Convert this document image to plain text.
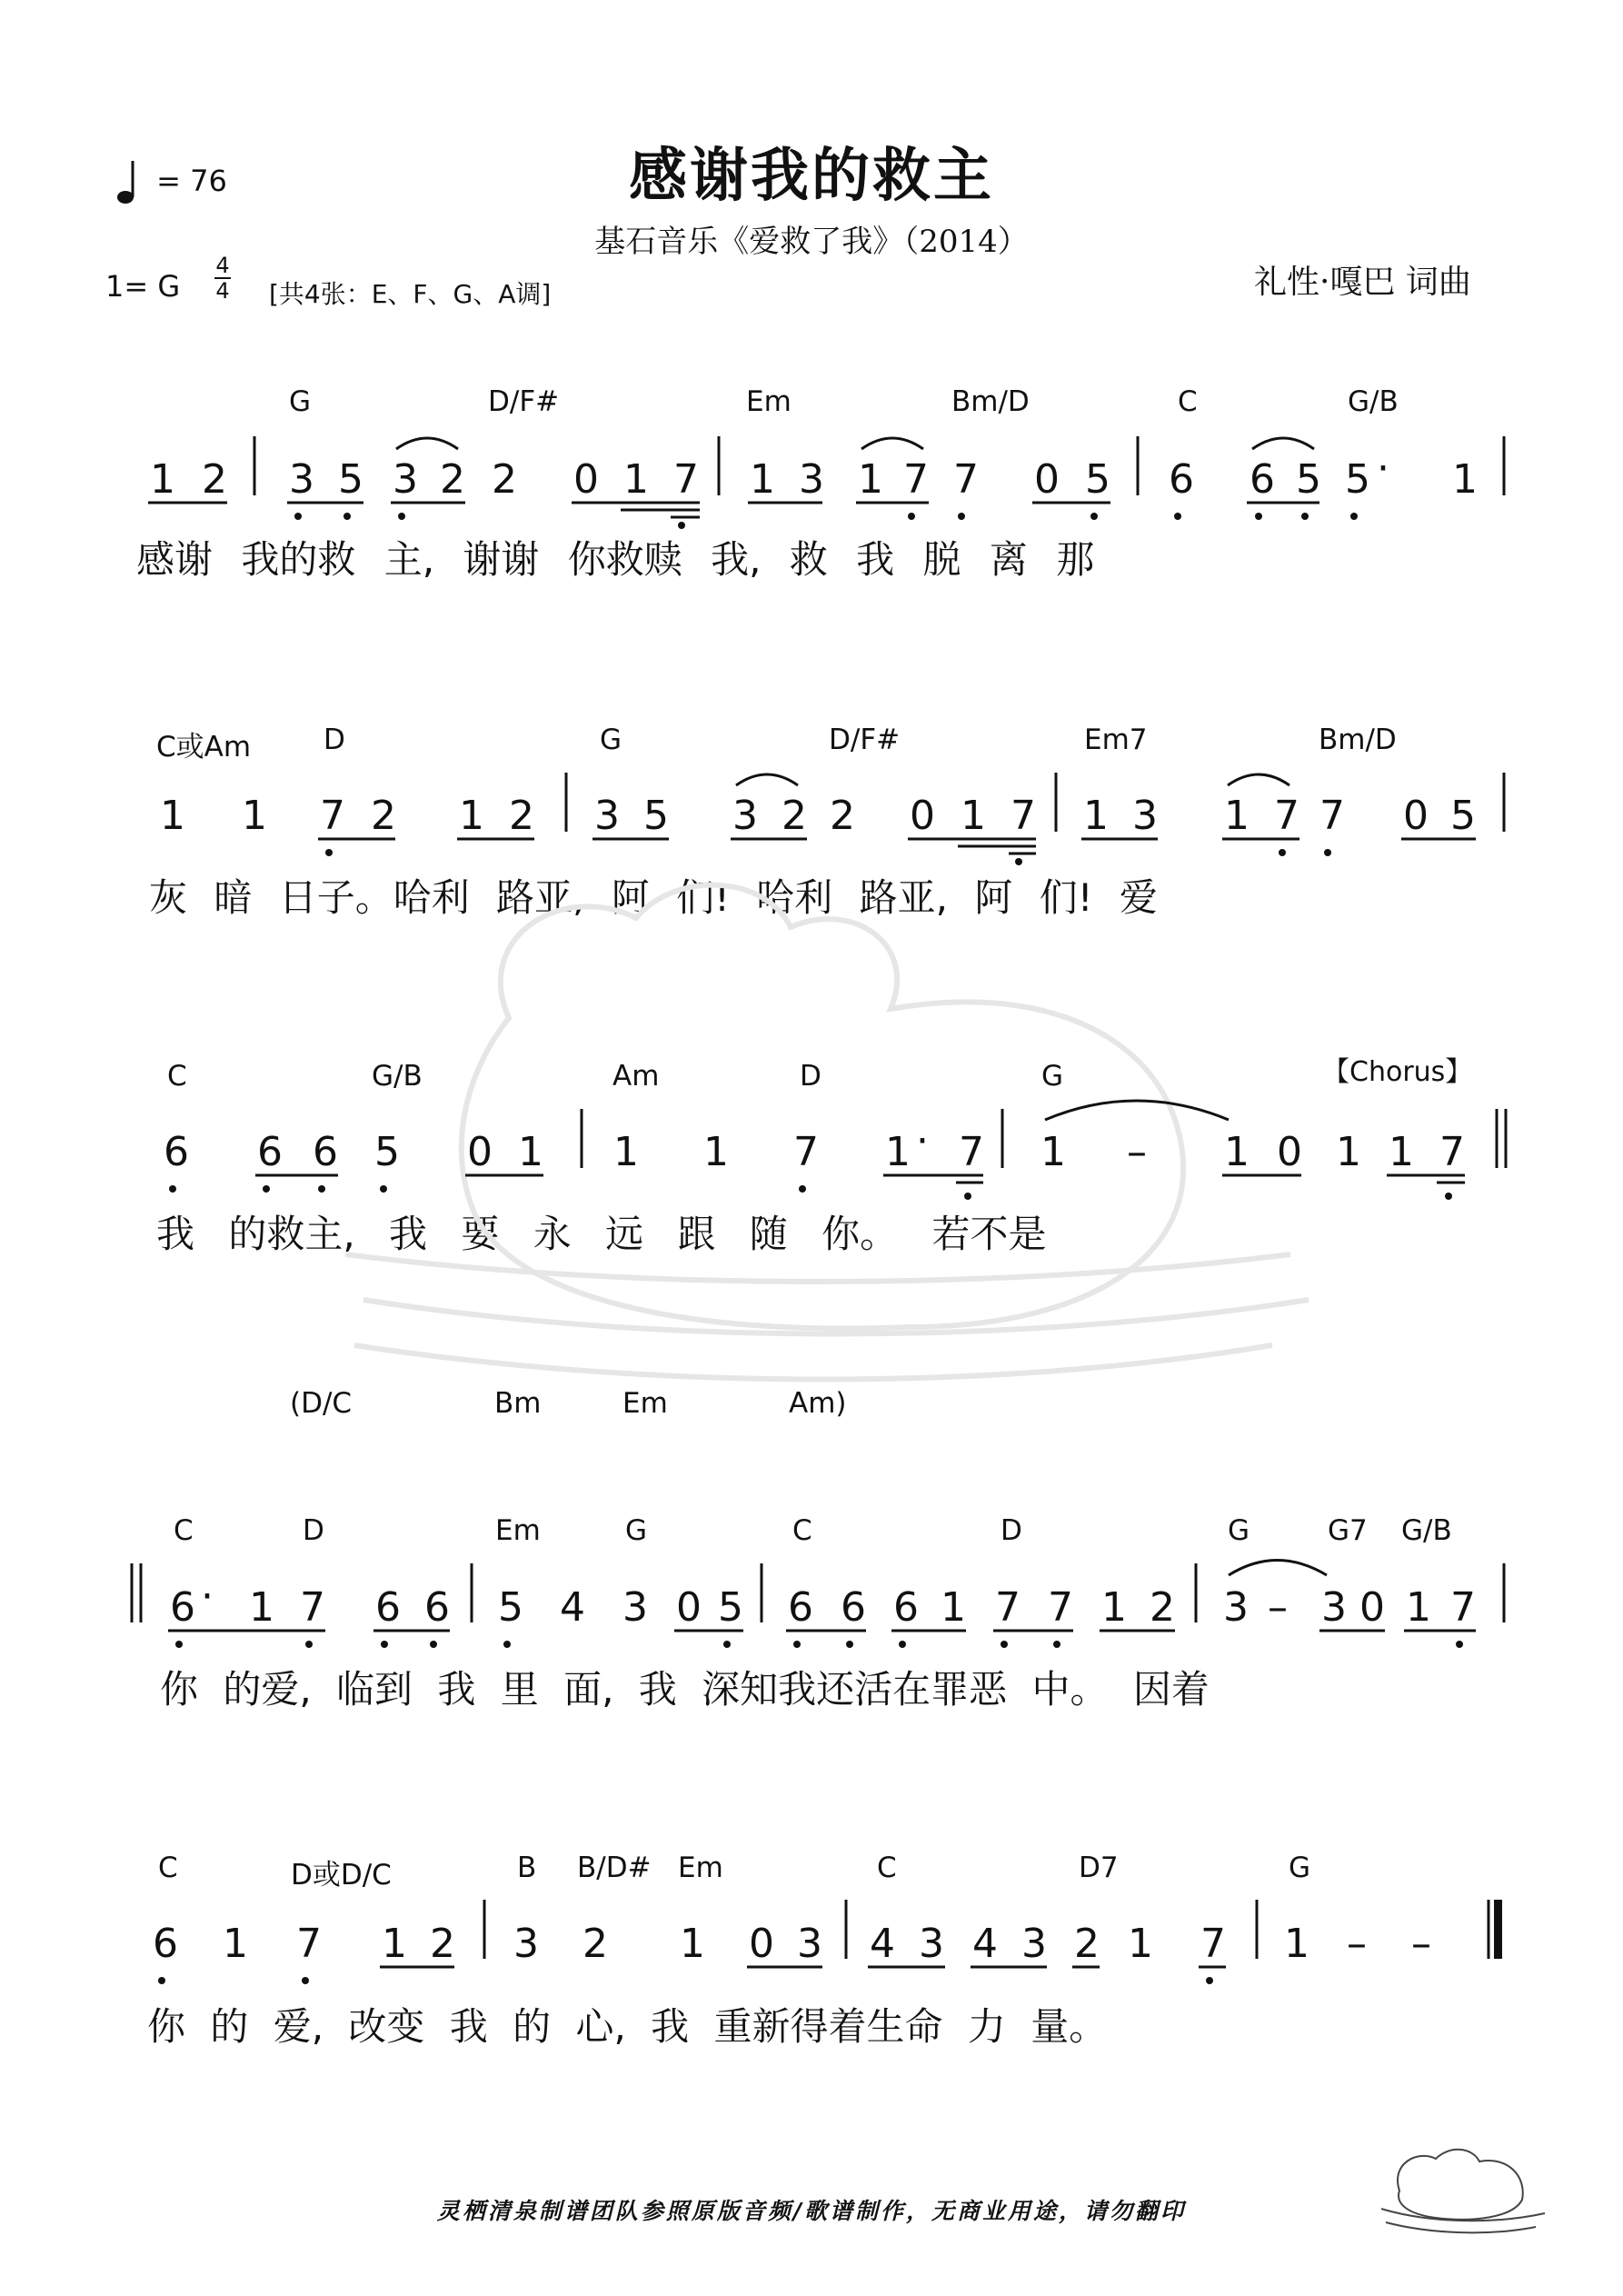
= 76	感谢我的救主
基石音乐《爱救了我》（2014）
1= G
4
4 [共4张：E、F、G、A调]	礼性·嘎巴 词曲
G	D/F#	Em	Bm/D	C	G/B
感谢 我的救 主, 谢谢 你救赎 我, 救 我 脱 离 那
C或Am	D	G	D/F#	Em7	Bm/D
灰 暗 日子。哈利 路亚, 阿 们! 哈利 路亚, 阿 们! 爱
C	G/B	Am	D	G	【Chorus】
我 的救主, 我 要 永 远 跟 随 你。 若不是
(D/C	Bm	Em	Am)
C	D	Em	G	C	D	G	G7 G/B
你 的爱, 临到 我 里 面, 我 深知我还活在罪恶 中。 因着
C	D或D/C	B B/D# Em	C	D7	G
你 的 爱, 改变 我 的 心, 我 重新得着生命 力 量。
1 2 3 5 3 2 2 0 1 7 1 3 1 7 7 0 5 6 6 5 5 · 1
1 1 7 2 1 2 3 5 3 2 2 0 1 7 1 3 1 7 7 0 5
6 6 6 5 0 1 1 1 7 1 · 7 1 – 1 0 1 1 7
6 · 1 7 6 6 5 4 3 0 5 6 6 6 1 7 7 1 2 3 – 3 0 1 7
6 1 7 1 2 3 2 1 0 3 4 3 4 3 2 1 7 1 – –
灵栖清泉制谱团队参照原版音频/歌谱制作，无商业用途，请勿翻印
